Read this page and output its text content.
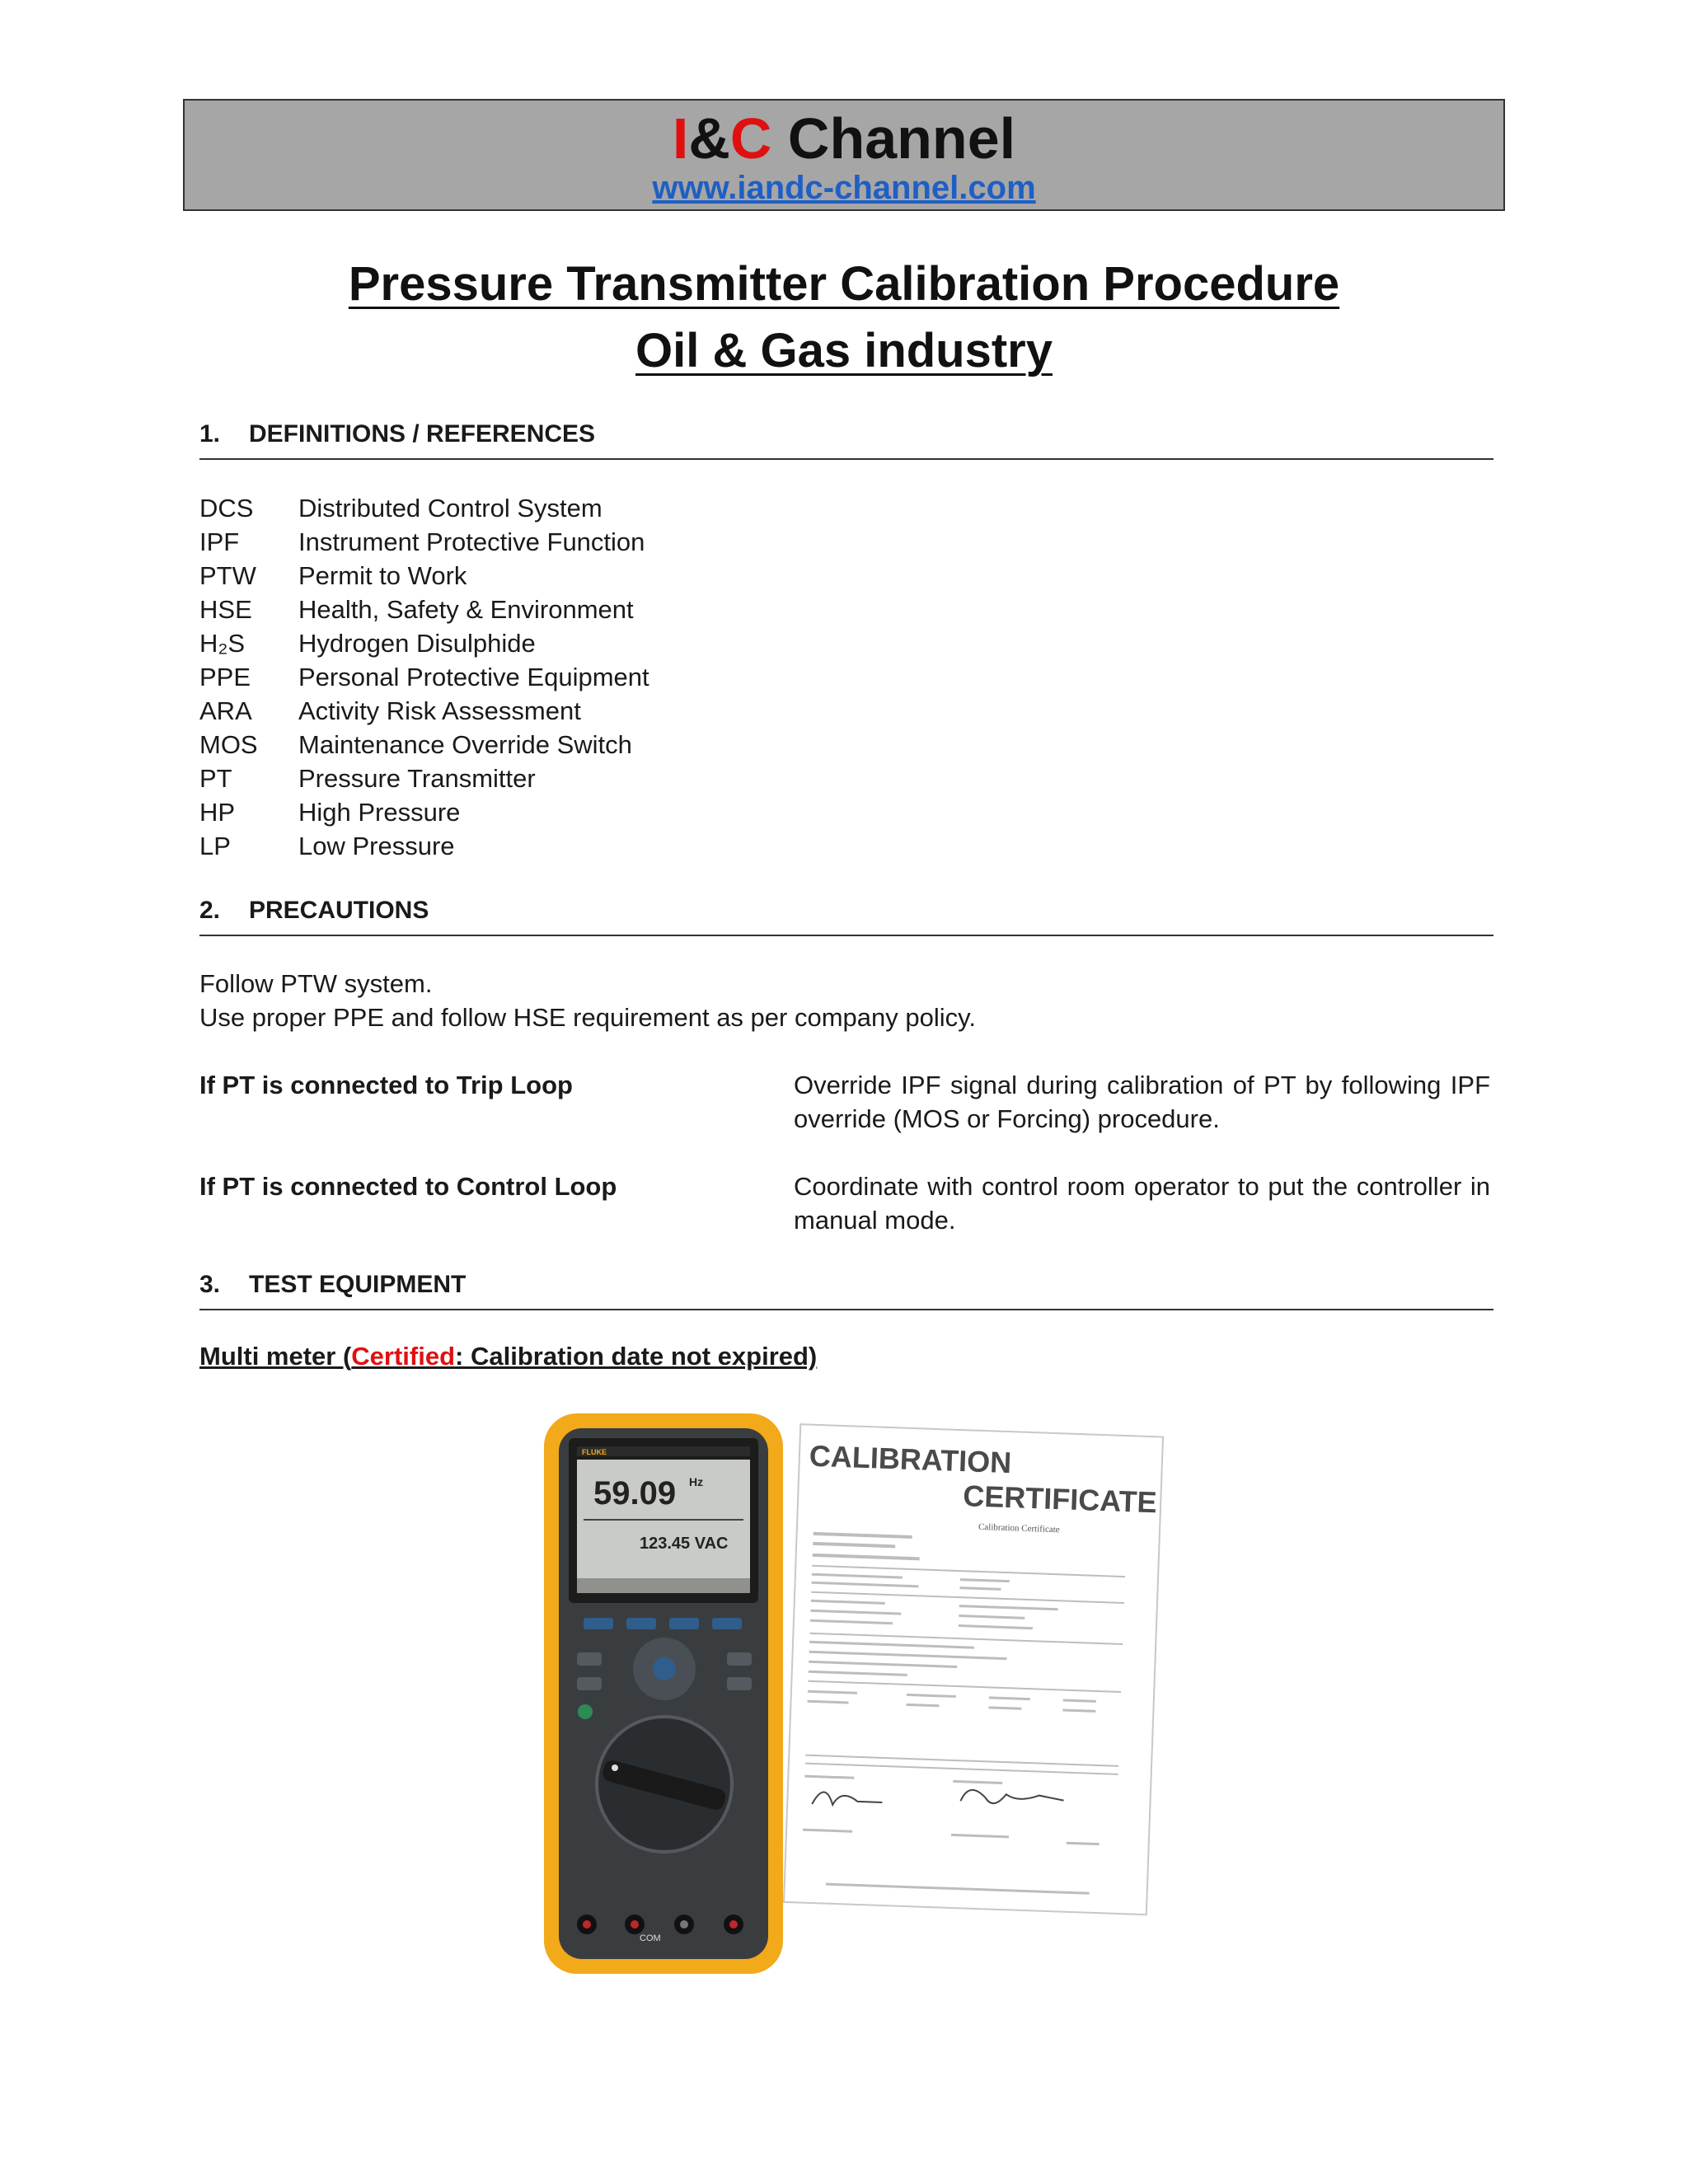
I&C Channel
www.iandc-channel.com
Pressure Transmitter Calibration Procedure
Oil & Gas industry
1. DEFINITIONS / REFERENCES
DCS Distributed Control System
IPF Instrument Protective Function
PTW Permit to Work
HSE Health, Safety & Environment
H₂S Hydrogen Disulphide
PPE Personal Protective Equipment
ARA Activity Risk Assessment
MOS Maintenance Override Switch
PT	Pressure Transmitter
HP High Pressure
LP	Low Pressure
2. PRECAUTIONS
Follow PTW system.
Use proper PPE and follow HSE requirement as per company policy.
If PT is connected to Trip Loop	Override IPF signal during calibration of PT by following IPF override (MOS or Forcing) procedure.
If PT is connected to Control Loop	Coordinate with control room operator to put the controller in manual mode.
3. TEST EQUIPMENT
Multi meter (Certified: Calibration date not expired)
CALIBRATION
CERTIFICATE
Calibration Certificate
FLUKE
59.09 Hz
123.45 VAC
COM
